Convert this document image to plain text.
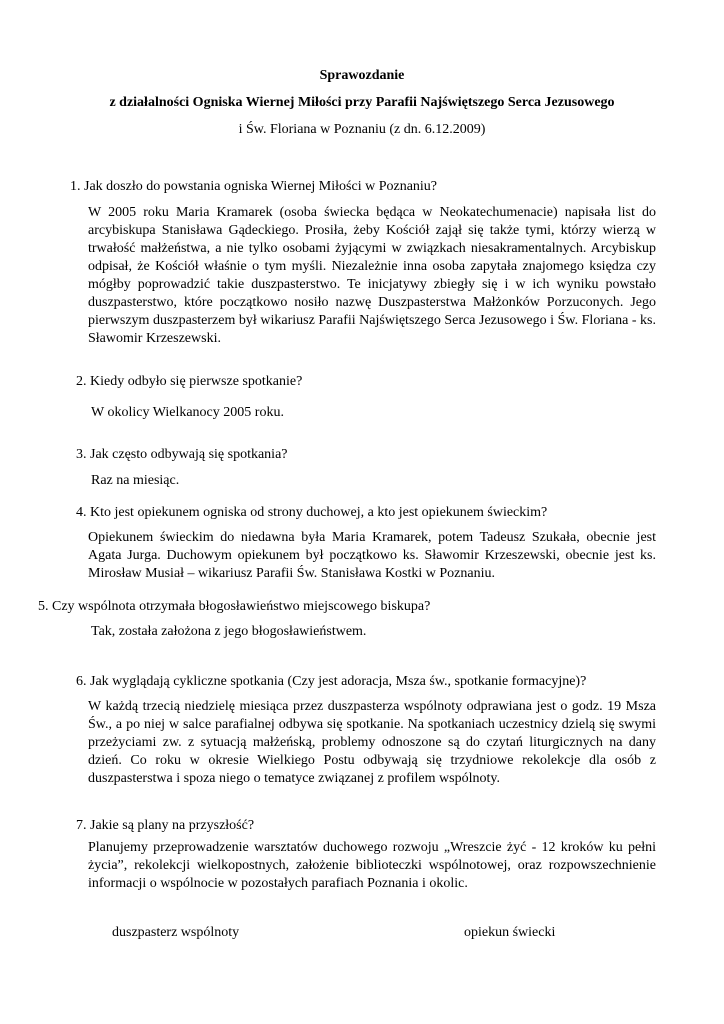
Sprawozdanie
z działalności Ogniska Wiernej Miłości przy Parafii Najświętszego Serca Jezusowego
i Św. Floriana w Poznaniu (z dn. 6.12.2009)
1. Jak doszło do powstania ogniska Wiernej Miłości w Poznaniu?
W 2005 roku Maria Kramarek (osoba świecka będąca w Neokatechumenacie) napisała list do arcybiskupa Stanisława Gądeckiego. Prosiła, żeby Kościół zajął się także tymi, którzy wierzą w trwałość małżeństwa, a nie tylko osobami żyjącymi w związkach niesakramentalnych. Arcybiskup odpisał, że Kościół właśnie o tym myśli. Niezależnie inna osoba zapytała znajomego księdza czy mógłby poprowadzić takie duszpasterstwo. Te inicjatywy zbiegły się i w ich wyniku powstało duszpasterstwo, które początkowo nosiło nazwę Duszpasterstwa Małżonków Porzuconych. Jego pierwszym duszpasterzem był wikariusz Parafii Najświętszego Serca Jezusowego i Św. Floriana - ks. Sławomir Krzeszewski.
2. Kiedy odbyło się pierwsze spotkanie?
W okolicy Wielkanocy 2005 roku.
3. Jak często odbywają się spotkania?
Raz na miesiąc.
4. Kto jest opiekunem ogniska od strony duchowej, a kto jest opiekunem świeckim?
Opiekunem świeckim do niedawna była Maria Kramarek, potem Tadeusz Szukała, obecnie jest Agata Jurga. Duchowym opiekunem był początkowo ks. Sławomir Krzeszewski, obecnie jest ks. Mirosław Musiał – wikariusz Parafii Św. Stanisława Kostki w Poznaniu.
5. Czy wspólnota otrzymała błogosławieństwo miejscowego biskupa?
Tak, została założona z jego błogosławieństwem.
6. Jak wyglądają cykliczne spotkania (Czy jest adoracja, Msza św., spotkanie formacyjne)?
W każdą trzecią niedzielę miesiąca przez duszpasterza wspólnoty odprawiana jest o godz. 19 Msza Św., a po niej w salce parafialnej odbywa się spotkanie. Na spotkaniach uczestnicy dzielą się swymi przeżyciami zw. z sytuacją małżeńską, problemy odnoszone są do czytań liturgicznych na dany dzień. Co roku w okresie Wielkiego Postu odbywają się trzydniowe rekolekcje dla osób z duszpasterstwa i spoza niego o tematyce związanej z profilem wspólnoty.
7. Jakie są plany na przyszłość?
Planujemy przeprowadzenie warsztatów duchowego rozwoju „Wreszcie żyć - 12 kroków ku pełni życia”, rekolekcji wielkopostnych, założenie biblioteczki wspólnotowej, oraz rozpowszechnienie informacji o wspólnocie w pozostałych parafiach Poznania i okolic.
duszpasterz wspólnoty	opiekun świecki
